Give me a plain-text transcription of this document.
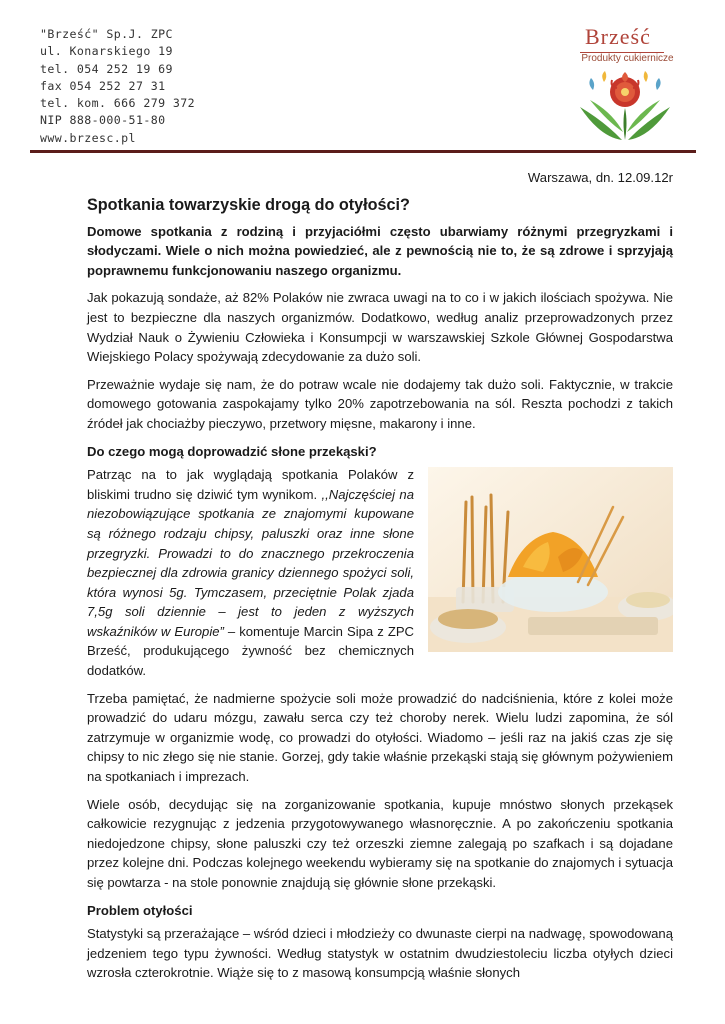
"Brześć" Sp.J. ZPC
ul. Konarskiego 19
tel. 054 252 19 69
fax 054 252 27 31
tel. kom. 666 279 372
NIP 888-000-51-80
www.brzesc.pl
Brześć
Produkty cukiernicze
Warszawa, dn. 12.09.12r
Spotkania towarzyskie drogą do otyłości?

Domowe spotkania z rodziną i przyjaciółmi często ubarwiamy różnymi przegryzkami i słodyczami. Wiele o nich można powiedzieć, ale z pewnością nie to, że są zdrowe i sprzyjają poprawnemu funkcjonowaniu naszego organizmu.

Jak pokazują sondaże, aż 82% Polaków nie zwraca uwagi na to co i w jakich ilościach spożywa. Nie jest to bezpieczne dla naszych organizmów. Dodatkowo, według analiz przeprowadzonych przez Wydział Nauk o Żywieniu Człowieka i Konsumpcji w warszawskiej Szkole Głównej Gospodarstwa Wiejskiego Polacy spożywają zdecydowanie za dużo soli.

Przeważnie wydaje się nam, że do potraw wcale nie dodajemy tak dużo soli. Faktycznie, w trakcie domowego gotowania zaspokajamy tylko 20% zapotrzebowania na sól. Reszta pochodzi z takich źródeł jak chociażby pieczywo, przetwory mięsne, makarony i inne.

Do czego mogą doprowadzić słone przekąski?

Patrząc na to jak wyglądają spotkania Polaków z bliskimi trudno się dziwić tym wynikom. ,,Najczęściej na niezobowiązujące spotkania ze znajomymi kupowane są różnego rodzaju chipsy, paluszki oraz inne słone przegryzki. Prowadzi to do znacznego przekroczenia bezpiecznej dla zdrowia granicy dziennego spożyci soli, która wynosi 5g. Tymczasem, przeciętnie Polak zjada 7,5g soli dziennie – jest to jeden z wyższych wskaźników w Europie” – komentuje Marcin Sipa z ZPC Brześć, produkującego żywność bez chemicznych dodatków.

Trzeba pamiętać, że nadmierne spożycie soli może prowadzić do nadciśnienia, które z kolei może prowadzić do udaru mózgu, zawału serca czy też choroby nerek. Wielu ludzi zapomina, że sól zatrzymuje w organizmie wodę, co prowadzi do otyłości. Wiadomo – jeśli raz na jakiś czas zje się chipsy to nic złego się nie stanie. Gorzej, gdy takie właśnie przekąski stają się głównym pożywieniem na spotkaniach i imprezach.

Wiele osób, decydując się na zorganizowanie spotkania, kupuje mnóstwo słonych przekąsek całkowicie rezygnując z jedzenia przygotowywanego własnoręcznie. A po zakończeniu spotkania niedojedzone chipsy, słone paluszki czy też orzeszki ziemne zalegają po szafkach i są dojadane przez kolejne dni. Podczas kolejnego weekendu wybieramy się na spotkanie do znajomych i sytuacja się powtarza - na stole ponownie znajdują się głównie słone przekąski.

Problem otyłości

Statystyki są przerażające – wśród dzieci i młodzieży co dwunaste cierpi na nadwagę, spowodowaną jedzeniem tego typu żywności. Według statystyk w ostatnim dwudziestoleciu liczba otyłych dzieci wzrosła czterokrotnie. Wiąże się to z masową konsumpcją właśnie słonych
